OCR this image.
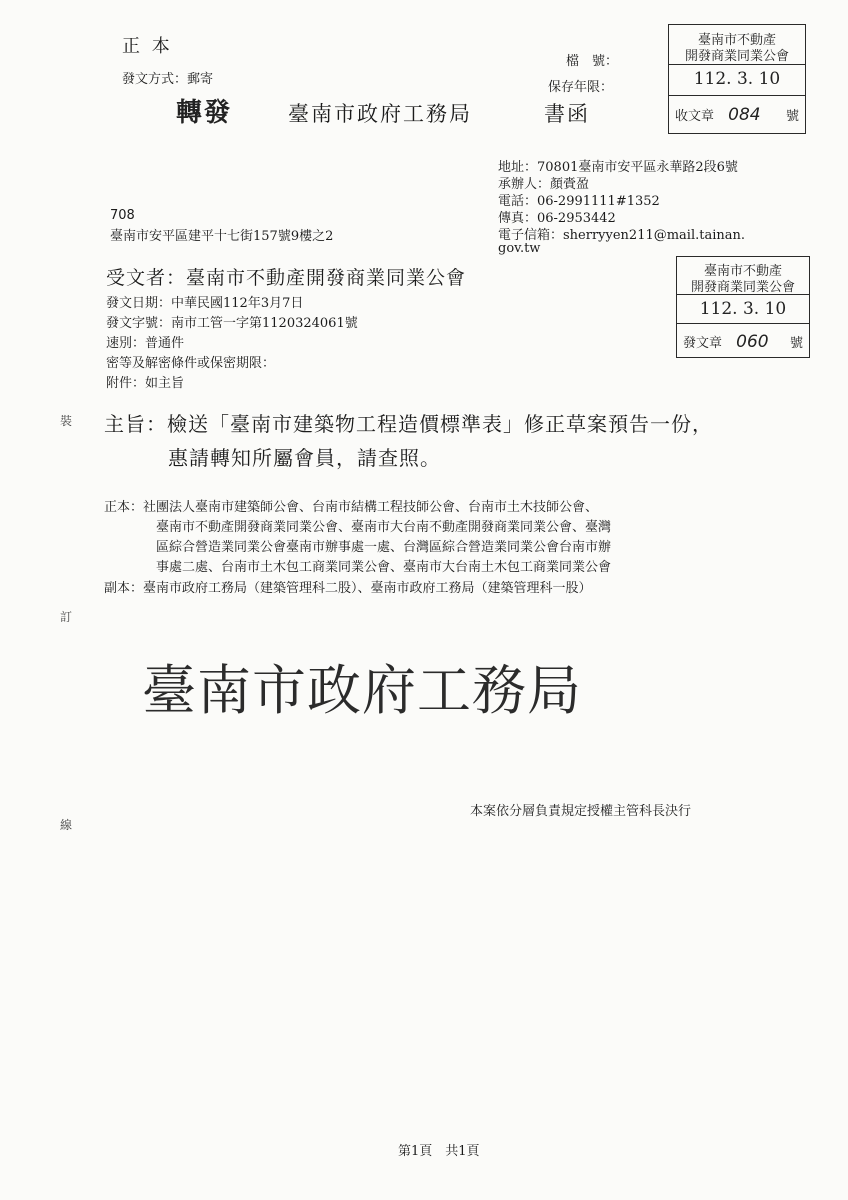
裝
訂
線
正 本
發文方式：郵寄
轉發	臺南市政府工務局	書函
檔　號：
保存年限：
臺南市不動產
開發商業同業公會
112. 3. 10
收文章 084 號
地址：70801臺南市安平區永華路2段6號
承辦人：顏賫盈
電話：06-2991111#1352
傳真：06-2953442
電子信箱：sherryyen211@mail.tainan.
gov.tw
708
臺南市安平區建平十七街157號9樓之2
臺南市不動產
開發商業同業公會
112. 3. 10
發文章 060 號
受文者：臺南市不動產開發商業同業公會
發文日期：中華民國112年3月7日
發文字號：南市工管一字第1120324061號
速別：普通件
密等及解密條件或保密期限：
附件：如主旨
主旨：檢送「臺南市建築物工程造價標準表」修正草案預告一份，
惠請轉知所屬會員，請查照。
正本：社團法人臺南市建築師公會、台南市結構工程技師公會、台南市土木技師公會、
臺南市不動產開發商業同業公會、臺南市大台南不動產開發商業同業公會、臺灣
區綜合營造業同業公會臺南市辦事處一處、台灣區綜合營造業同業公會台南市辦
事處二處、台南市土木包工商業同業公會、臺南市大台南土木包工商業同業公會
副本：臺南市政府工務局（建築管理科二股）、臺南市政府工務局（建築管理科一股）
臺南市政府工務局
本案依分層負責規定授權主管科長決行
第1頁　共1頁
